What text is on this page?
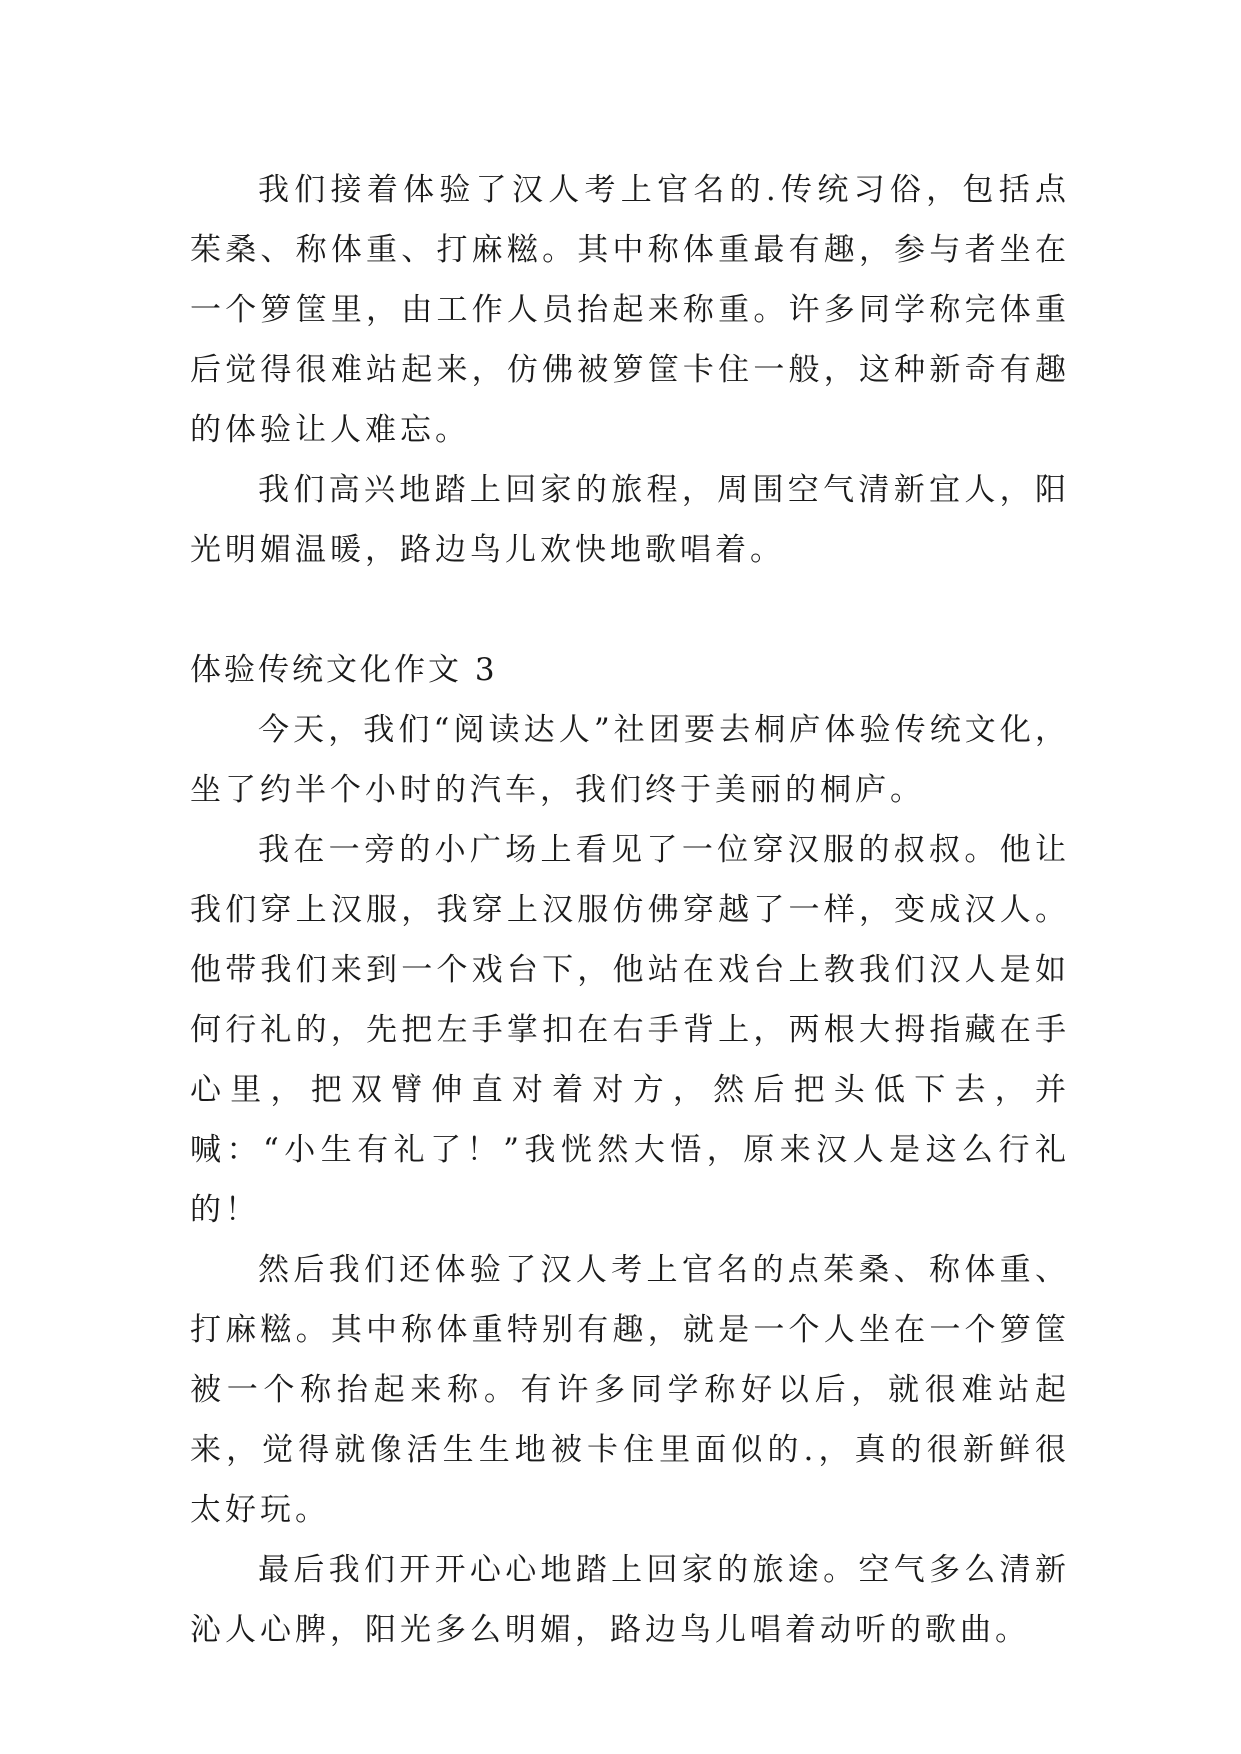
我们接着体验了汉人考上官名的.传统习俗，包括点茱桑、称体重、打麻糍。其中称体重最有趣，参与者坐在一个箩筐里，由工作人员抬起来称重。许多同学称完体重后觉得很难站起来，仿佛被箩筐卡住一般，这种新奇有趣的体验让人难忘。

我们高兴地踏上回家的旅程，周围空气清新宜人，阳光明媚温暖，路边鸟儿欢快地歌唱着。

体验传统文化作文 3

今天，我们“阅读达人”社团要去桐庐体验传统文化，坐了约半个小时的汽车，我们终于美丽的桐庐。

我在一旁的小广场上看见了一位穿汉服的叔叔。他让我们穿上汉服，我穿上汉服仿佛穿越了一样，变成汉人。他带我们来到一个戏台下，他站在戏台上教我们汉人是如何行礼的，先把左手掌扣在右手背上，两根大拇指藏在手心里，把双臂伸直对着对方，然后把头低下去，并喊：“小生有礼了！”我恍然大悟，原来汉人是这么行礼的！

然后我们还体验了汉人考上官名的点茱桑、称体重、打麻糍。其中称体重特别有趣，就是一个人坐在一个箩筐被一个称抬起来称。有许多同学称好以后，就很难站起来，觉得就像活生生地被卡住里面似的.，真的很新鲜很太好玩。

最后我们开开心心地踏上回家的旅途。空气多么清新沁人心脾，阳光多么明媚，路边鸟儿唱着动听的歌曲。
